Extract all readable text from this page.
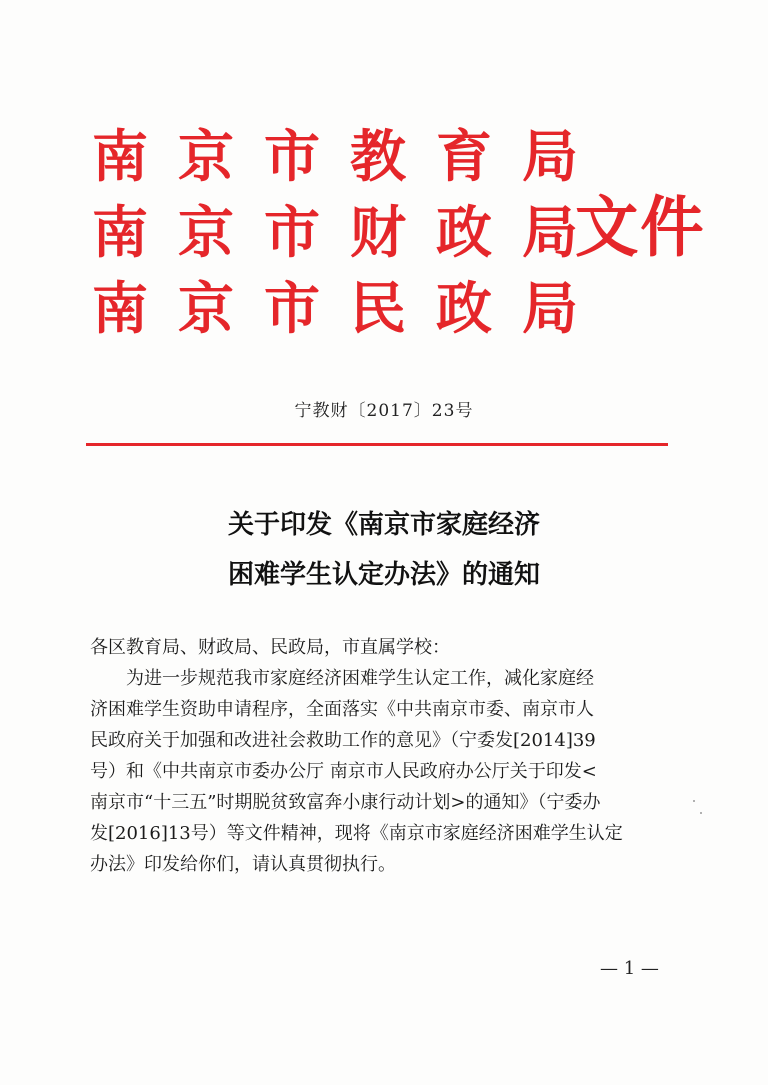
南京市教育局
南京市财政局
南京市民政局
文件
宁教财〔2017〕23号
关于印发《南京市家庭经济
困难学生认定办法》的通知

各区教育局、财政局、民政局，市直属学校：

为进一步规范我市家庭经济困难学生认定工作，减化家庭经

济困难学生资助申请程序，全面落实《中共南京市委、南京市人

民政府关于加强和改进社会救助工作的意见》（宁委发[2014]39

号）和《中共南京市委办公厅 南京市人民政府办公厅关于印发<

南京市“十三五”时期脱贫致富奔小康行动计划>的通知》（宁委办

发[2016]13号）等文件精神，现将《南京市家庭经济困难学生认定

办法》印发给你们，请认真贯彻执行。

— 1 —
